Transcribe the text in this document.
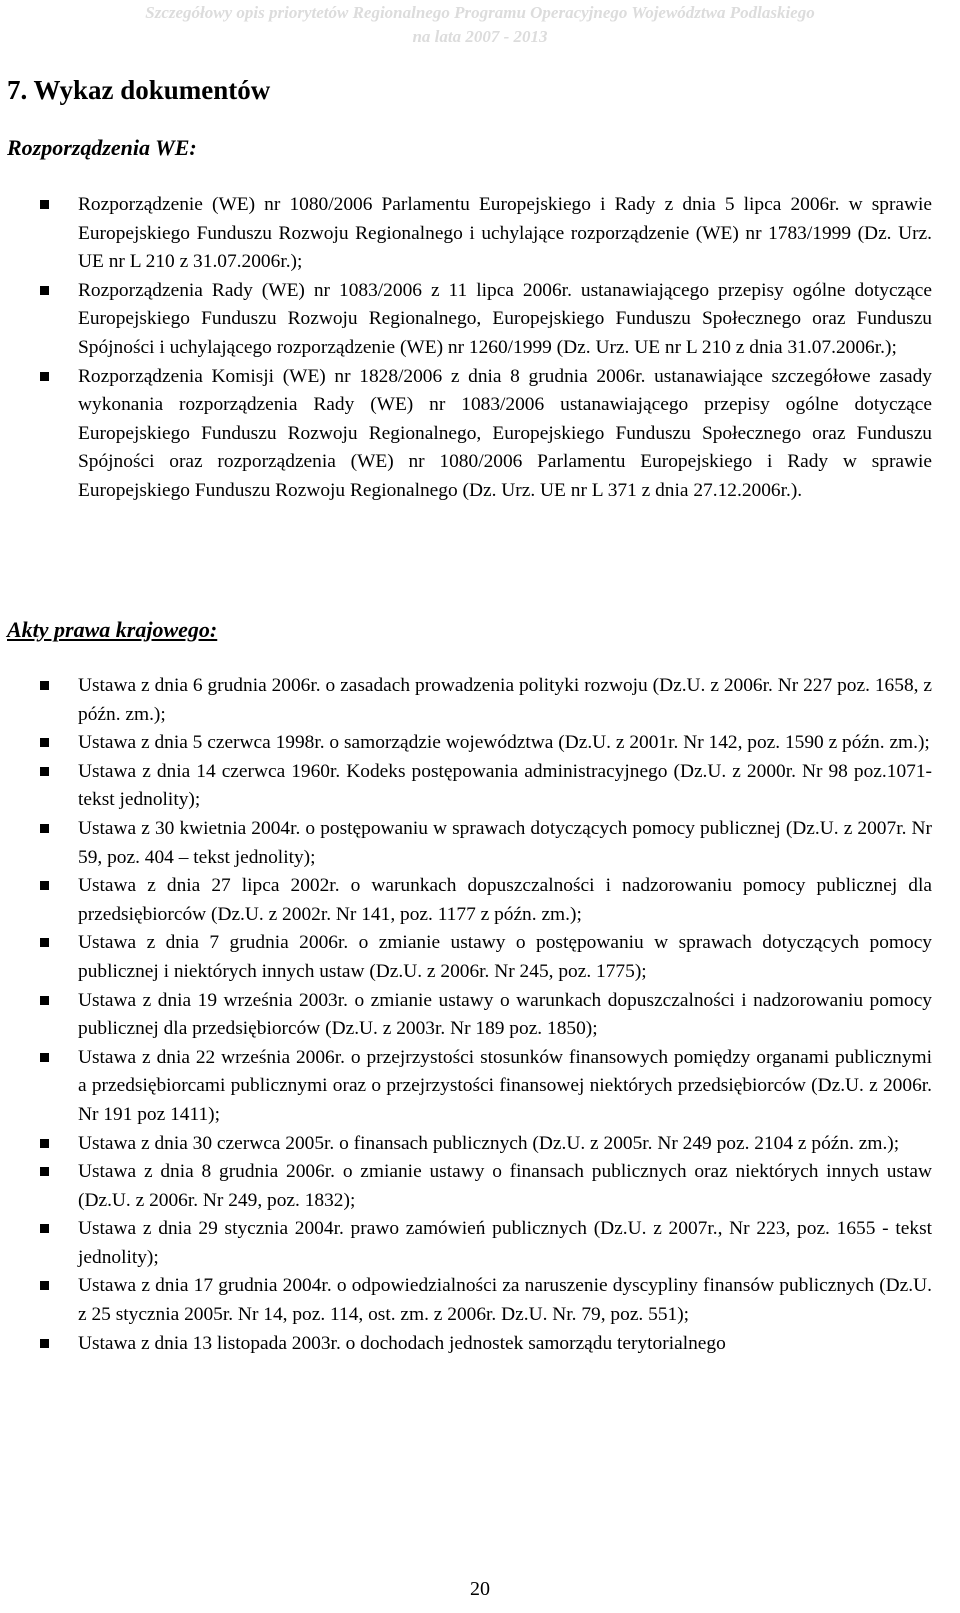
Szczegółowy opis priorytetów Regionalnego Programu Operacyjnego Województwa Podlaskiego
na lata 2007 - 2013
7. Wykaz dokumentów
Rozporządzenia WE:
Rozporządzenie (WE) nr 1080/2006 Parlamentu Europejskiego i Rady z dnia 5 lipca 2006r. w sprawie Europejskiego Funduszu Rozwoju Regionalnego i uchylające rozporządzenie (WE) nr 1783/1999 (Dz. Urz. UE nr L 210 z 31.07.2006r.);
Rozporządzenia Rady (WE) nr 1083/2006 z 11 lipca 2006r. ustanawiającego przepisy ogólne dotyczące Europejskiego Funduszu Rozwoju Regionalnego, Europejskiego Funduszu Społecznego oraz Funduszu Spójności i uchylającego rozporządzenie (WE) nr 1260/1999 (Dz. Urz. UE nr L 210 z dnia 31.07.2006r.);
Rozporządzenia Komisji (WE) nr 1828/2006 z dnia 8 grudnia 2006r. ustanawiające szczegółowe zasady wykonania rozporządzenia Rady (WE) nr 1083/2006 ustanawiającego przepisy ogólne dotyczące Europejskiego Funduszu Rozwoju Regionalnego, Europejskiego Funduszu Społecznego oraz Funduszu Spójności oraz rozporządzenia (WE) nr 1080/2006 Parlamentu Europejskiego i Rady w sprawie Europejskiego Funduszu Rozwoju Regionalnego (Dz. Urz. UE nr L 371 z dnia 27.12.2006r.).
Akty prawa krajowego:
Ustawa z dnia 6 grudnia 2006r. o zasadach prowadzenia polityki rozwoju (Dz.U. z 2006r. Nr 227 poz. 1658, z późn. zm.);
Ustawa z dnia 5 czerwca 1998r. o samorządzie województwa (Dz.U. z 2001r. Nr 142, poz. 1590 z późn. zm.);
Ustawa z dnia 14 czerwca 1960r. Kodeks postępowania administracyjnego (Dz.U. z 2000r. Nr 98 poz.1071- tekst jednolity);
Ustawa z 30 kwietnia 2004r. o postępowaniu w sprawach dotyczących pomocy publicznej (Dz.U. z 2007r. Nr 59, poz. 404 – tekst jednolity);
Ustawa z dnia 27 lipca 2002r. o warunkach dopuszczalności i nadzorowaniu pomocy publicznej dla przedsiębiorców (Dz.U. z 2002r. Nr 141, poz. 1177 z późn. zm.);
Ustawa z dnia 7 grudnia 2006r. o zmianie ustawy o postępowaniu w sprawach dotyczących pomocy publicznej i niektórych innych ustaw (Dz.U. z 2006r. Nr 245, poz. 1775);
Ustawa z dnia 19 września 2003r. o zmianie ustawy o warunkach dopuszczalności i nadzorowaniu pomocy publicznej dla przedsiębiorców (Dz.U. z 2003r. Nr 189 poz. 1850);
Ustawa z dnia 22 września 2006r. o przejrzystości stosunków finansowych pomiędzy organami publicznymi a przedsiębiorcami publicznymi oraz o przejrzystości finansowej niektórych przedsiębiorców (Dz.U. z 2006r. Nr 191 poz 1411);
Ustawa z dnia 30 czerwca 2005r. o finansach publicznych (Dz.U. z 2005r. Nr 249 poz. 2104 z późn. zm.);
Ustawa z dnia 8 grudnia 2006r. o zmianie ustawy o finansach publicznych oraz niektórych innych ustaw (Dz.U. z 2006r. Nr 249, poz. 1832);
Ustawa z dnia 29 stycznia 2004r. prawo zamówień publicznych (Dz.U. z 2007r., Nr 223, poz. 1655 - tekst jednolity);
Ustawa z dnia 17 grudnia 2004r. o odpowiedzialności za naruszenie dyscypliny finansów publicznych (Dz.U. z 25 stycznia 2005r. Nr 14, poz. 114, ost. zm. z 2006r. Dz.U. Nr. 79, poz. 551);
Ustawa z dnia 13 listopada 2003r. o dochodach jednostek samorządu terytorialnego
20
